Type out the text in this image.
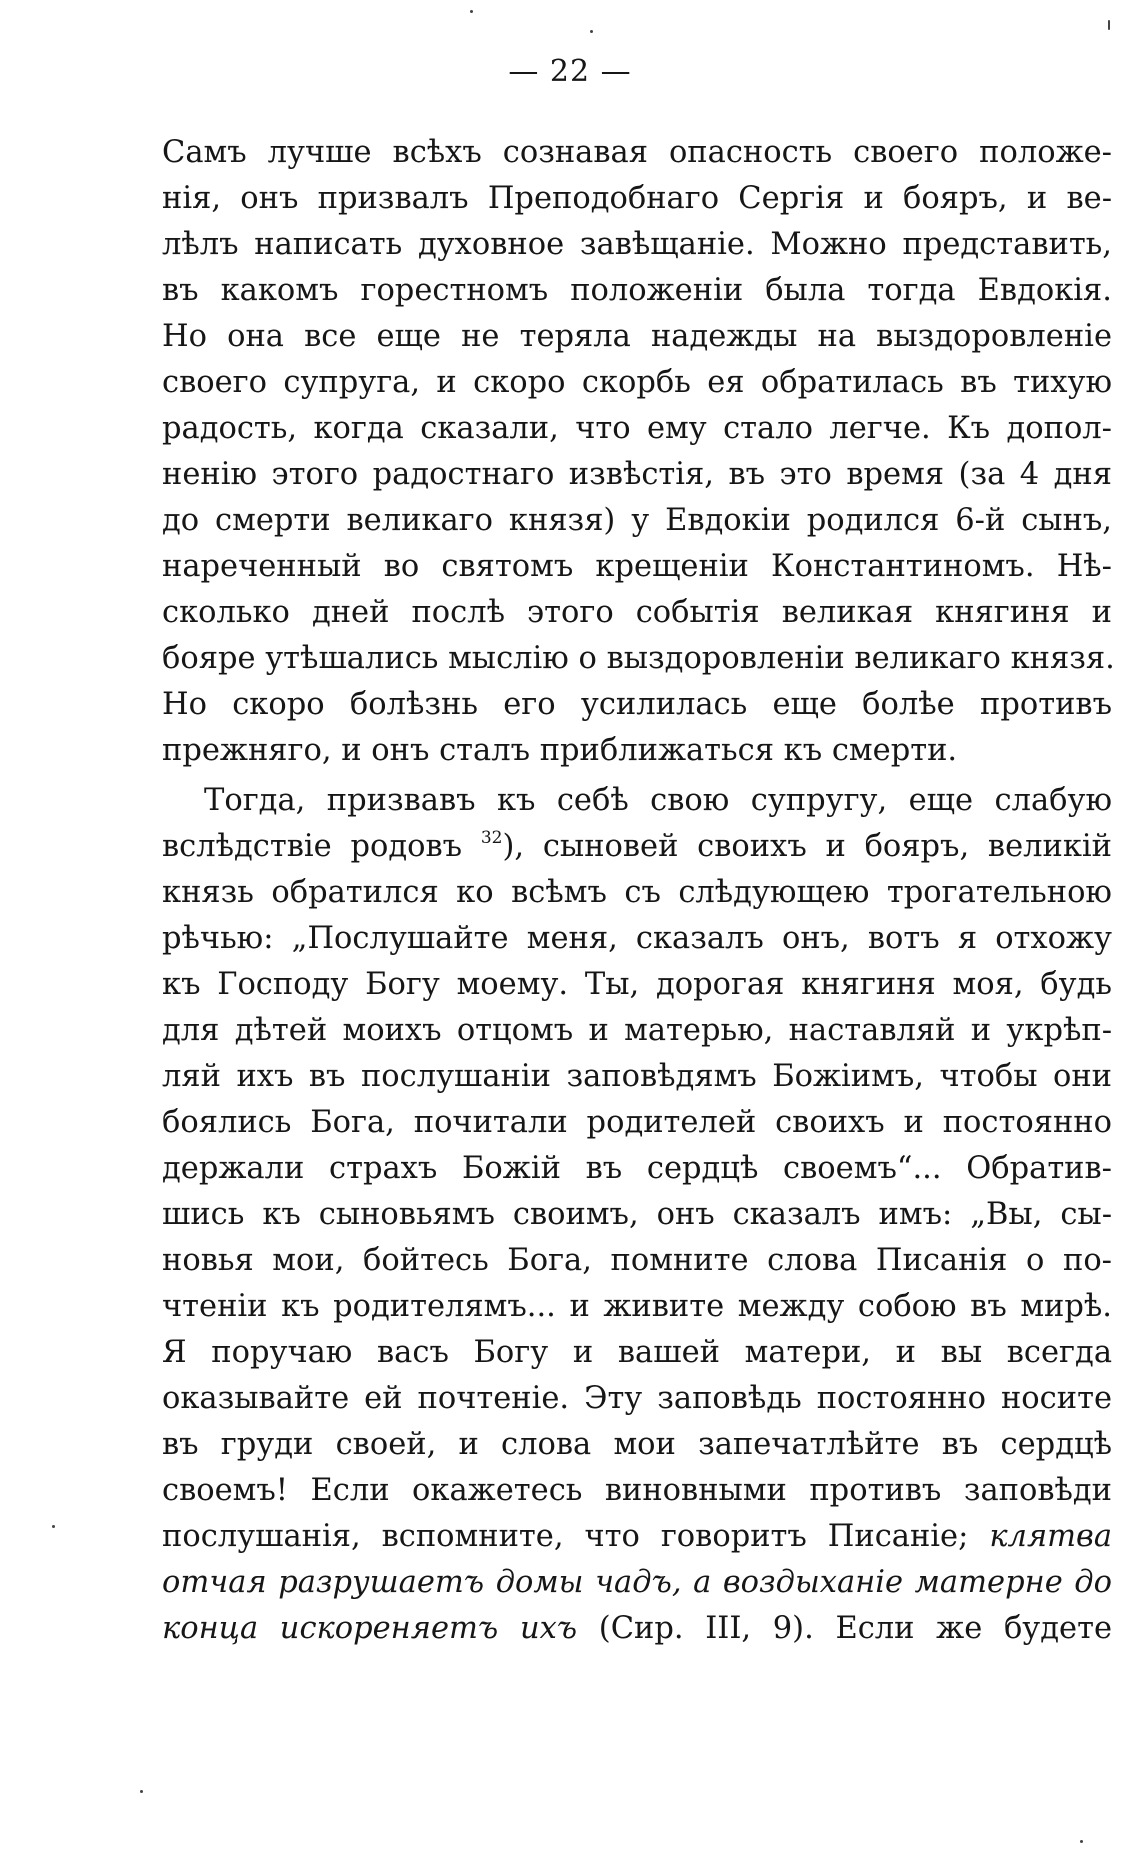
— 22 —
Самъ лучше всѣхъ сознавая опасность своего положе-
нія, онъ призвалъ Преподобнаго Сергія и бояръ, и ве-
лѣлъ написать духовное завѣщаніе. Можно представить,
въ какомъ горестномъ положеніи была тогда Евдокія.
Но она все еще не теряла надежды на выздоровленіе
своего супруга, и скоро скорбь ея обратилась въ тихую
радость, когда сказали, что ему стало легче. Къ допол-
ненію этого радостнаго извѣстія, въ это время (за 4 дня
до смерти великаго князя) у Евдокіи родился 6-й сынъ,
нареченный во святомъ крещеніи Константиномъ. Нѣ-
сколько дней послѣ этого событія великая княгиня и
бояре утѣшались мыслію о выздоровленіи великаго князя.
Но скоро болѣзнь его усилилась еще болѣе противъ
прежняго, и онъ сталъ приближаться къ смерти.
Тогда, призвавъ къ себѣ свою супругу, еще слабую
вслѣдствіе родовъ $^{32}$), сыновей своихъ и бояръ, великій
князь обратился ко всѣмъ съ слѣдующею трогательною
рѣчью: „Послушайте меня, сказалъ онъ, вотъ я отхожу
къ Господу Богу моему. Ты, дорогая княгиня моя, будь
для дѣтей моихъ отцомъ и матерью, наставляй и укрѣп-
ляй ихъ въ послушаніи заповѣдямъ Божіимъ, чтобы они
боялись Бога, почитали родителей своихъ и постоянно
держали страхъ Божій въ сердцѣ своемъ“... Обратив-
шись къ сыновьямъ своимъ, онъ сказалъ имъ: „Вы, сы-
новья мои, бойтесь Бога, помните слова Писанія о по-
чтеніи къ родителямъ... и живите между собою въ мирѣ.
Я поручаю васъ Богу и вашей матери, и вы всегда
оказывайте ей почтеніе. Эту заповѣдь постоянно носите
въ груди своей, и слова мои запечатлѣйте въ сердцѣ
своемъ! Если окажетесь виновными противъ заповѣди
послушанія, вспомните, что говоритъ Писаніе; клятва
отчая разрушаетъ домы чадъ, а воздыханіе матерне до
конца искореняетъ ихъ (Сир. III, 9). Если же будете
